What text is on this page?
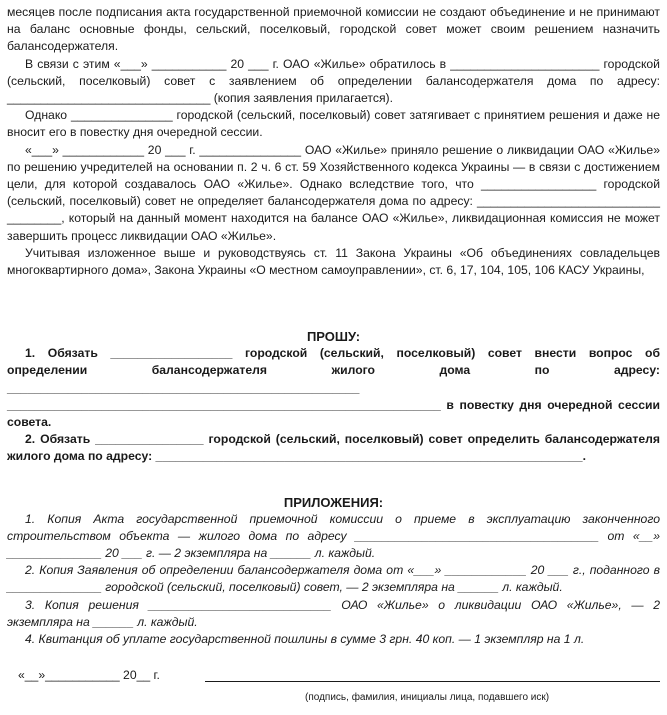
месяцев после подписания акта государственной приемочной комиссии не создают объединение и не принимают на баланс основные фонды, сельский, поселковый, городской совет может своим решением назначить балансодержателя.

В связи с этим «___» ___________ 20 ___ г. ОАО «Жилье» обратилось в ______________________ городской (сельский, поселковый) совет с заявлением об определении балансодержателя дома по адресу: ______________________________ (копия заявления прилагается).

Однако _______________ городской (сельский, поселковый) совет затягивает с принятием решения и даже не вносит его в повестку дня очередной сессии.

«___» ____________ 20 ___ г. _______________ ОАО «Жилье» приняло решение о ликвидации ОАО «Жилье» по решению учредителей на основании п. 2 ч. 6 ст. 59 Хозяйственного кодекса Украины — в связи с достижением цели, для которой создавалось ОАО «Жилье». Однако вследствие того, что _________________ городской (сельский, поселковый) совет не определяет балансодержателя дома по адресу: ___________________________ ________, который на данный момент находится на балансе ОАО «Жилье», ликвидационная комиссия не может завершить процесс ликвидации ОАО «Жилье».

Учитывая изложенное выше и руководствуясь ст. 11 Закона Украины «Об объединениях совладельцев многоквартирного дома», Закона Украины «О местном самоуправлении», ст. 6, 17, 104, 105, 106 КАСУ Украины,

ПРОШУ:

1. Обязать __________________ городской (сельский, поселковый) совет внести вопрос об определении балансодержателя жилого дома по адресу: ____________________________________________________ ________________________________________________________________ в повестку дня очередной сессии совета.

2. Обязать ________________ городской (сельский, поселковый) совет определить балансодержателя жилого дома по адресу: _______________________________________________________________.

ПРИЛОЖЕНИЯ:

1. Копия Акта государственной приемочной комиссии о приеме в эксплуатацию законченного строительством объекта — жилого дома по адресу ____________________________________ от «__» ______________ 20 ___ г. — 2 экземпляра на ______ л. каждый.

2. Копия Заявления об определении балансодержателя дома от «___» ____________ 20 ___ г., поданного в ______________ городской (сельский, поселковый) совет, — 2 экземпляра на ______ л. каждый.

3. Копия решения ___________________________ ОАО «Жилье» о ликвидации ОАО «Жилье», — 2 экземпляра на ______ л. каждый.

4. Квитанция об уплате государственной пошлины в сумме 3 грн. 40 коп. — 1 экземпляр на 1 л.

«__»___________ 20__ г.
(подпись, фамилия, инициалы лица, подавшего иск)
